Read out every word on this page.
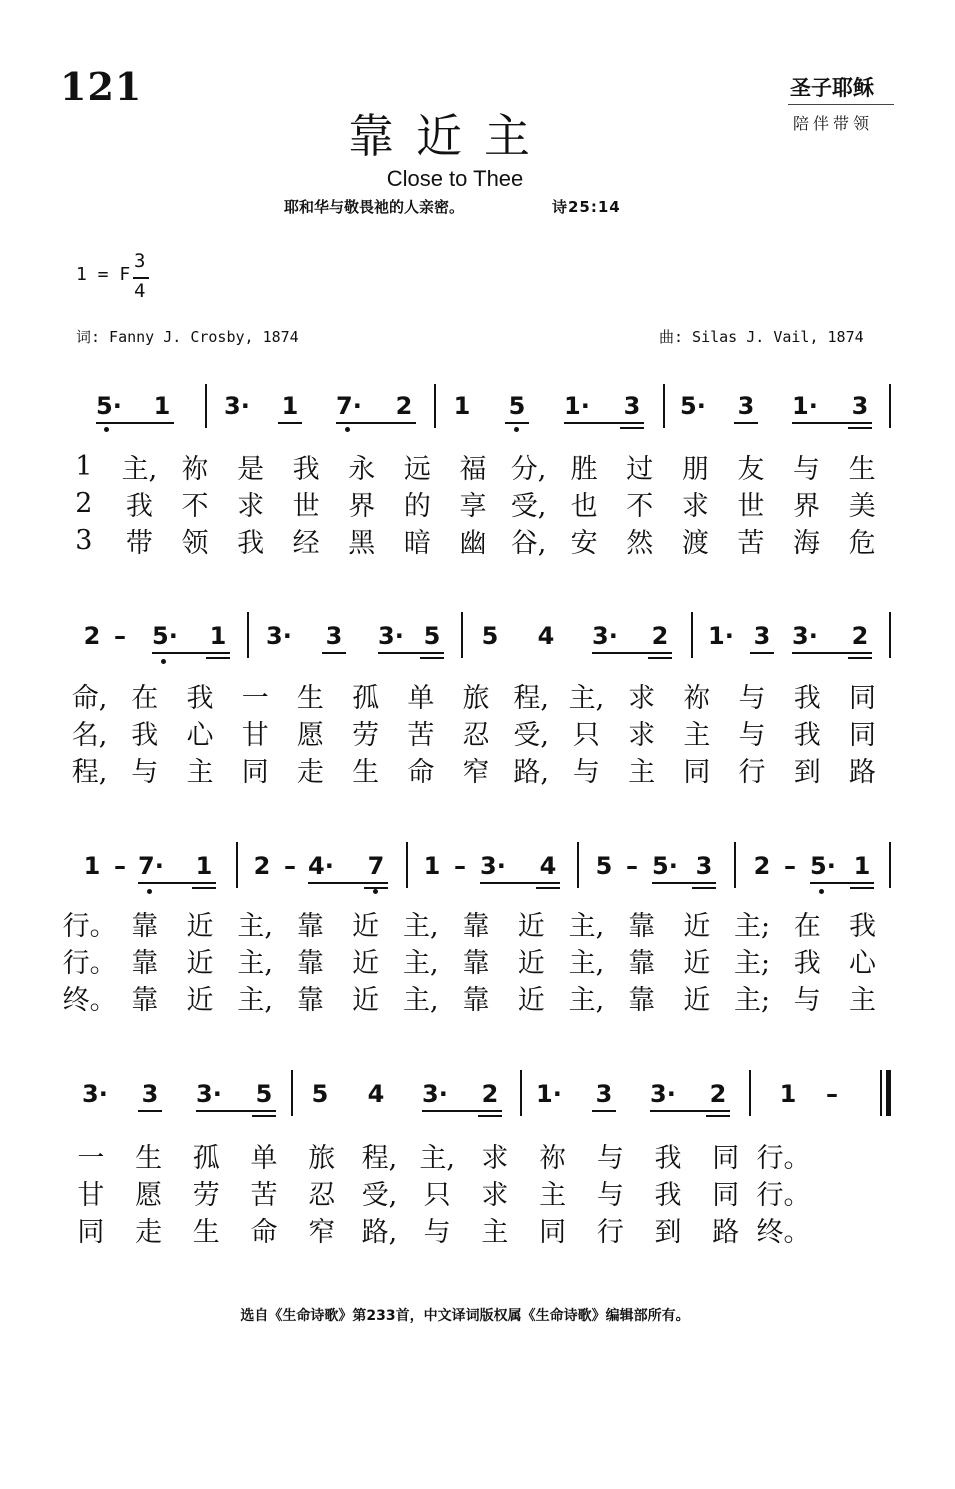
121	圣子耶稣
陪伴带领
靠近主
Close to Thee
耶和华与敬畏祂的人亲密。	诗25:14
1 = F
3
4
词: Fanny J. Crosby, 1874	曲: Silas J. Vail, 1874
5· 1 3· 1 7· 2 1 5 1· 3 5· 3 1· 3
1	主, 祢	是	我	永	远	福 分, 胜	过	朋	友	与	生
2	我	不	求	世	界	的	享 受, 也	不	求	世	界	美
3	带	领	我	经	黑	暗	幽 谷, 安	然	渡	苦	海	危
2 – 5· 1 3· 3 3· 5 5 4 3· 2 1· 3 3· 2
命, 在	我	一	生	孤	单	旅 程, 主, 求	祢	与	我	同
名, 我	心	甘	愿	劳	苦	忍 受, 只	求	主	与	我	同
程, 与	主	同	走	生	命	窄 路, 与	主	同	行	到	路
1 – 7· 1 2 – 4· 7 1 – 3· 4 5 – 5· 3 2 – 5· 1
行。 靠	近 主, 靠	近 主, 靠	近 主, 靠	近 主; 在	我
行。 靠	近 主, 靠	近 主, 靠	近 主, 靠	近 主; 我	心
终。 靠	近 主, 靠	近 主, 靠	近 主, 靠	近 主; 与	主
3· 3 3· 5 5 4 3· 2 1· 3 3· 2 1 –
一	生	孤	单	旅 程, 主, 求	祢	与	我	同 行。
甘	愿	劳	苦	忍 受, 只	求	主	与	我	同 行。
同	走	生	命	窄 路, 与	主	同	行	到	路 终。
选自《生命诗歌》第233首，中文译词版权属《生命诗歌》编辑部所有。
